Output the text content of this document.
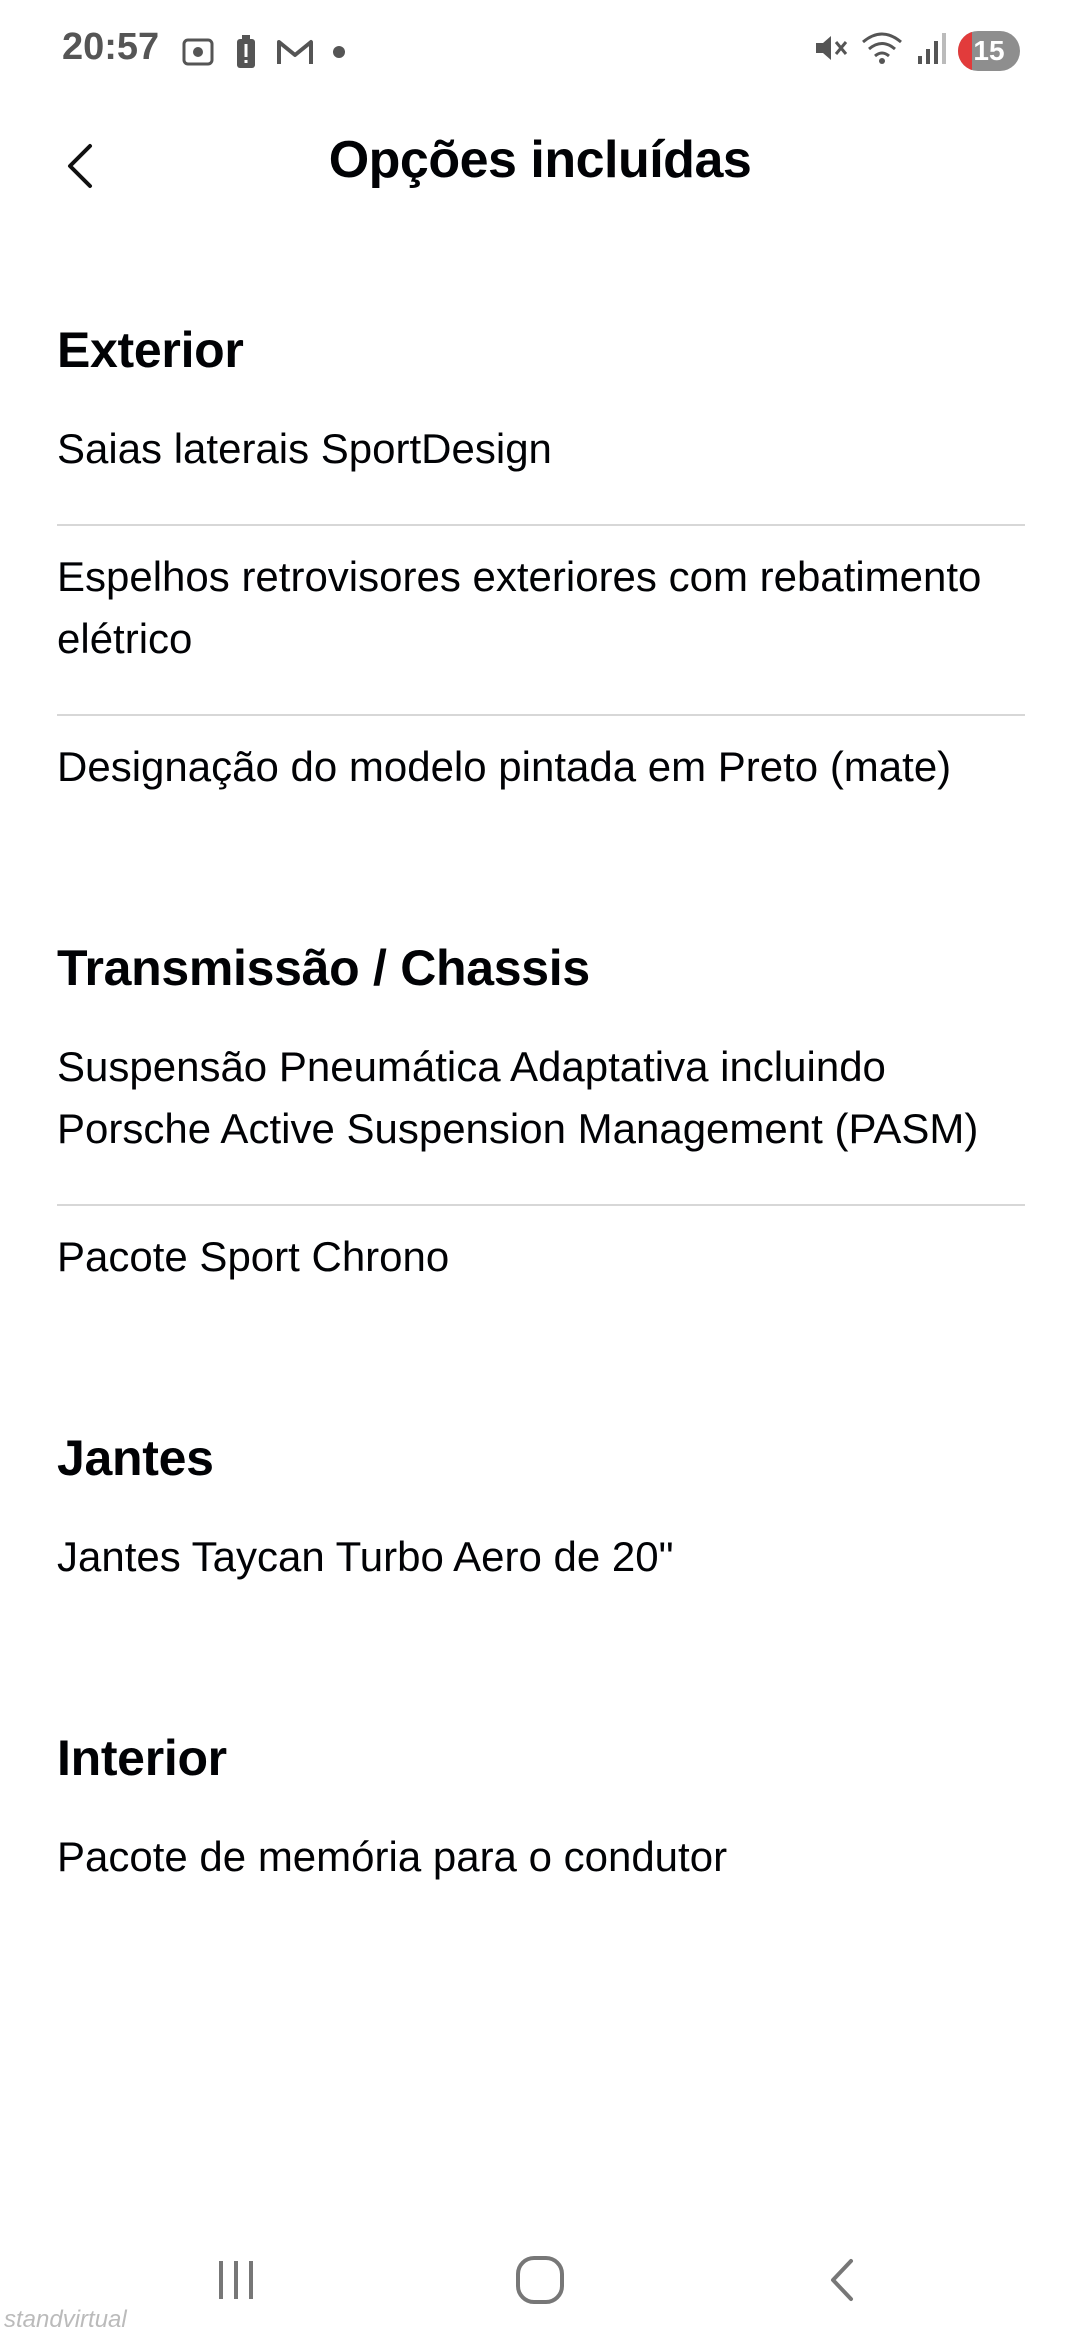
20:57	15
Opções incluídas
Exterior
Saias laterais SportDesign
Espelhos retrovisores exteriores com rebatimento elétrico
Designação do modelo pintada em Preto (mate)
Transmissão / Chassis
Suspensão Pneumática Adaptativa incluindo Porsche Active Suspension Management (PASM)
Pacote Sport Chrono
Jantes
Jantes Taycan Turbo Aero de 20"
Interior
Pacote de memória para o condutor
standvirtual
